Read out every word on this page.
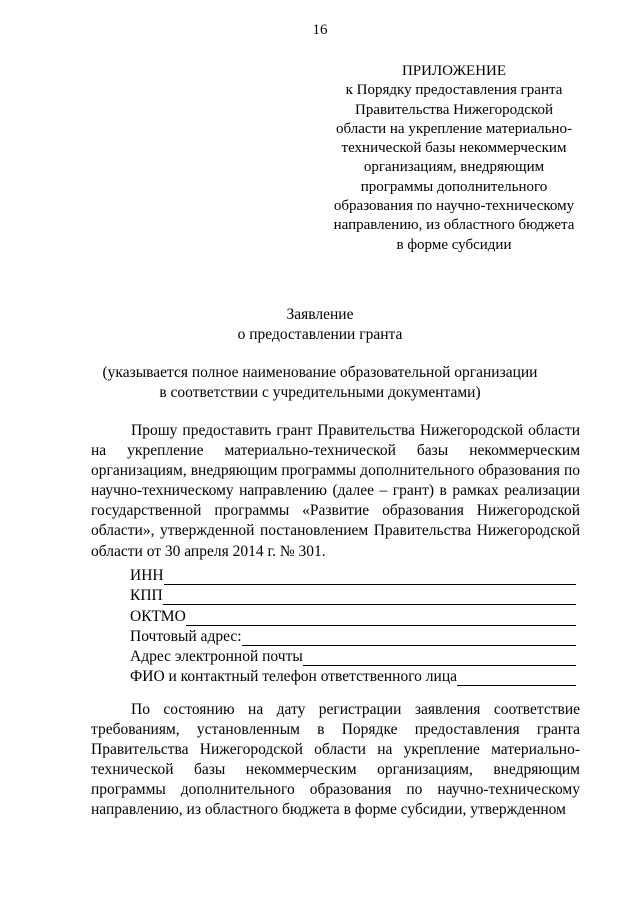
16
ПРИЛОЖЕНИЕ
к Порядку предоставления гранта
Правительства Нижегородской
области на укрепление материально-
технической базы некоммерческим
организациям, внедряющим
программы дополнительного
образования по научно-техническому
направлению, из областного бюджета
в форме субсидии
Заявление
о предоставлении гранта
(указывается полное наименование образовательной организации
в соответствии с учредительными документами)
Прошу предоставить грант Правительства Нижегородской области на укрепление материально-технической базы некоммерческим организациям, внедряющим программы дополнительного образования по научно-техническому направлению (далее – грант) в рамках реализации государственной программы «Развитие образования Нижегородской области», утвержденной постановлением Правительства Нижегородской области от 30 апреля 2014 г. № 301.
ИНН
КПП
ОКТМО
Почтовый адрес:
Адрес электронной почты
ФИО и контактный телефон ответственного лица
По состоянию на дату регистрации заявления соответствие требованиям, установленным в Порядке предоставления гранта Правительства Нижегородской области на укрепление материально-технической базы некоммерческим организациям, внедряющим программы дополнительного образования по научно-техническому направлению, из областного бюджета в форме субсидии, утвержденном
